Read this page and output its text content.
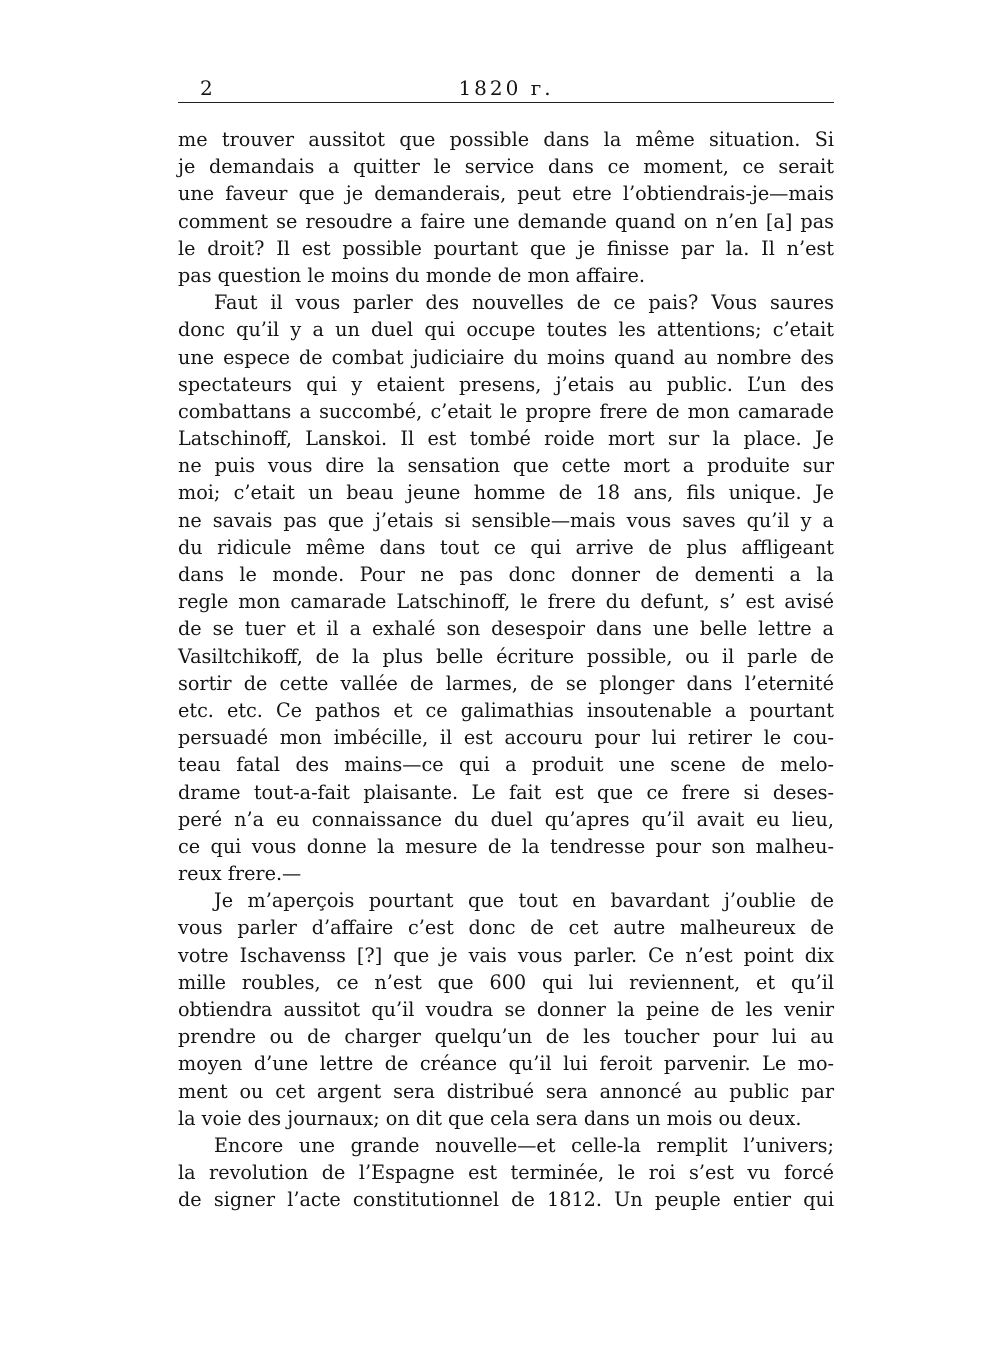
2	1820 г.
me trouver aussitot que possible dans la même situation. Si
je demandais a quitter le service dans ce moment, ce serait
une faveur que je demanderais, peut etre l’obtiendrais-je—mais
comment se resoudre a faire une demande quand on n’en [a] pas
le droit? Il est possible pourtant que je finisse par la. Il n’est
pas question le moins du monde de mon affaire.
Faut il vous parler des nouvelles de ce pais? Vous saures
donc qu’il y a un duel qui occupe toutes les attentions; c’etait
une espece de combat judiciaire du moins quand au nombre des
spectateurs qui y etaient presens, j’etais au public. L’un des
combattans a succombé, c’etait le propre frere de mon camarade
Latschinoff, Lanskoi. Il est tombé roide mort sur la place. Je
ne puis vous dire la sensation que cette mort a produite sur
moi; c’etait un beau jeune homme de 18 ans, fils unique. Je
ne savais pas que j’etais si sensible—mais vous saves qu’il y a
du ridicule même dans tout ce qui arrive de plus affligeant
dans le monde. Pour ne pas donc donner de dementi a la
regle mon camarade Latschinoff, le frere du defunt, s’ est avisé
de se tuer et il a exhalé son desespoir dans une belle lettre a
Vasiltchikoff, de la plus belle écriture possible, ou il parle de
sortir de cette vallée de larmes, de se plonger dans l’eternité
etc. etc. Ce pathos et ce galimathias insoutenable a pourtant
persuadé mon imbécille, il est accouru pour lui retirer le cou-
teau fatal des mains—ce qui a produit une scene de melo-
drame tout-a-fait plaisante. Le fait est que ce frere si deses-
peré n’a eu connaissance du duel qu’apres qu’il avait eu lieu,
ce qui vous donne la mesure de la tendresse pour son malheu-
reux frere.—
Je m’aperçois pourtant que tout en bavardant j’oublie de
vous parler d’affaire c’est donc de cet autre malheureux de
votre Ischavenss [?] que je vais vous parler. Ce n’est point dix
mille roubles, ce n’est que 600 qui lui reviennent, et qu’il
obtiendra aussitot qu’il voudra se donner la peine de les venir
prendre ou de charger quelqu’un de les toucher pour lui au
moyen d’une lettre de créance qu’il lui feroit parvenir. Le mo-
ment ou cet argent sera distribué sera annoncé au public par
la voie des journaux; on dit que cela sera dans un mois ou deux.
Encore une grande nouvelle—et celle-la remplit l’univers;
la revolution de l’Espagne est terminée, le roi s’est vu forcé
de signer l’acte constitutionnel de 1812. Un peuple entier qui
